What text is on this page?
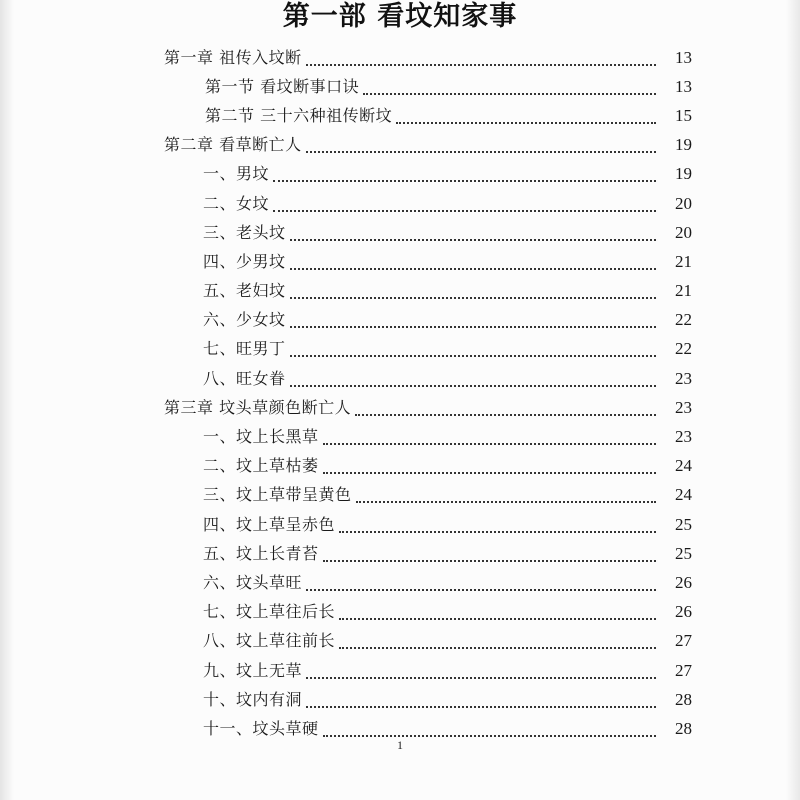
第一部 看坟知家事
第一章 祖传入坟断	13
第一节 看坟断事口诀	13
第二节 三十六种祖传断坟	15
第二章 看草断亡人	19
一、男坟	19
二、女坟	20
三、老头坟	20
四、少男坟	21
五、老妇坟	21
六、少女坟	22
七、旺男丁	22
八、旺女眷	23
第三章 坟头草颜色断亡人	23
一、坟上长黑草	23
二、坟上草枯萎	24
三、坟上草带呈黄色	24
四、坟上草呈赤色	25
五、坟上长青苔	25
六、坟头草旺	26
七、坟上草往后长	26
八、坟上草往前长	27
九、坟上无草	27
十、坟内有洞	28
十一、坟头草硬	28
1
